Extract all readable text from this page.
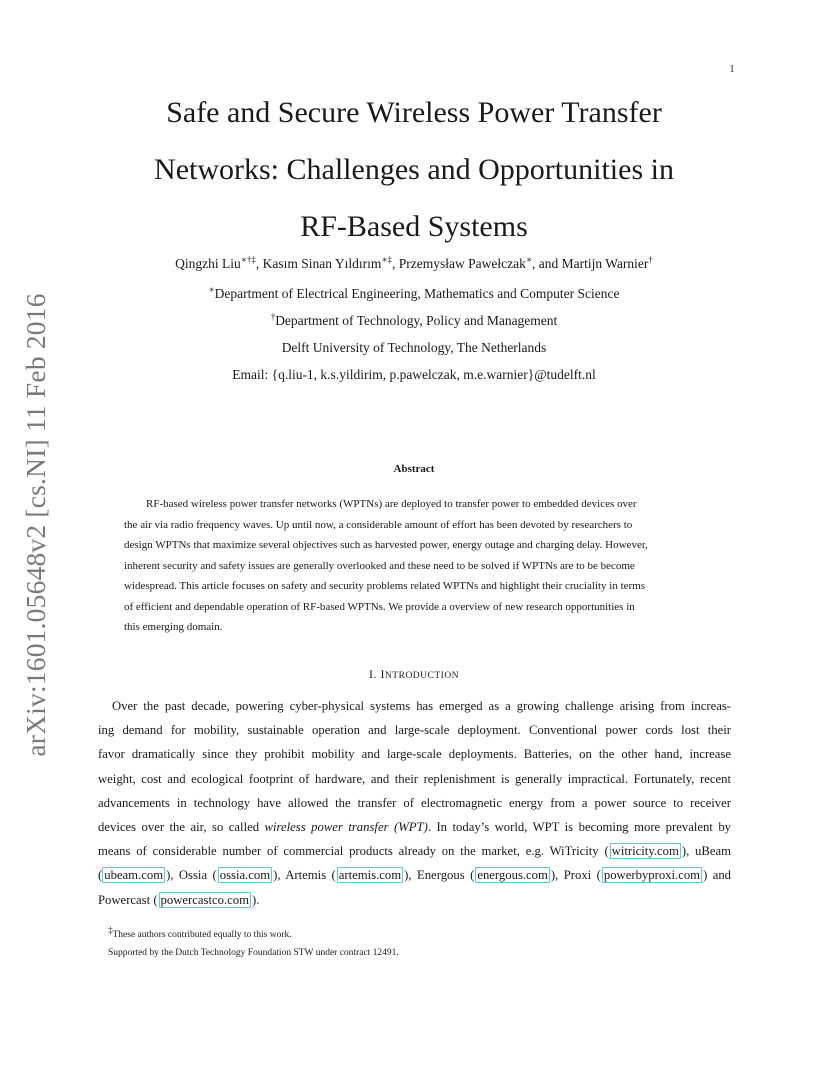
1
arXiv:1601.05648v2 [cs.NI] 11 Feb 2016
Safe and Secure Wireless Power Transfer
Networks: Challenges and Opportunities in
RF-Based Systems
Qingzhi Liu∗†‡, Kasım Sinan Yıldırım∗‡, Przemysław Pawełczak∗, and Martijn Warnier†
∗Department of Electrical Engineering, Mathematics and Computer Science
†Department of Technology, Policy and Management
Delft University of Technology, The Netherlands
Email: {q.liu-1, k.s.yildirim, p.pawelczak, m.e.warnier}@tudelft.nl
Abstract

RF-based wireless power transfer networks (WPTNs) are deployed to transfer power to embedded devices over
the air via radio frequency waves. Up until now, a considerable amount of effort has been devoted by researchers to
design WPTNs that maximize several objectives such as harvested power, energy outage and charging delay. However,
inherent security and safety issues are generally overlooked and these need to be solved if WPTNs are to be become
widespread. This article focuses on safety and security problems related WPTNs and highlight their cruciality in terms
of efficient and dependable operation of RF-based WPTNs. We provide a overview of new research opportunities in
this emerging domain.

I. INTRODUCTION

Over the past decade, powering cyber-physical systems has emerged as a growing challenge arising from increas-
ing demand for mobility, sustainable operation and large-scale deployment. Conventional power cords lost their
favor dramatically since they prohibit mobility and large-scale deployments. Batteries, on the other hand, increase
weight, cost and ecological footprint of hardware, and their replenishment is generally impractical. Fortunately, recent
advancements in technology have allowed the transfer of electromagnetic energy from a power source to receiver
devices over the air, so called wireless power transfer (WPT). In today’s world, WPT is becoming more prevalent by
means of considerable number of commercial products already on the market, e.g. WiTricity ( witricity.com ), uBeam
( ubeam.com ), Ossia ( ossia.com ), Artemis ( artemis.com ), Energous ( energous.com ), Proxi ( powerbyproxi.com ) and
Powercast ( powercastco.com ).

‡These authors contributed equally to this work.
Supported by the Dutch Technology Foundation STW under contract 12491.
